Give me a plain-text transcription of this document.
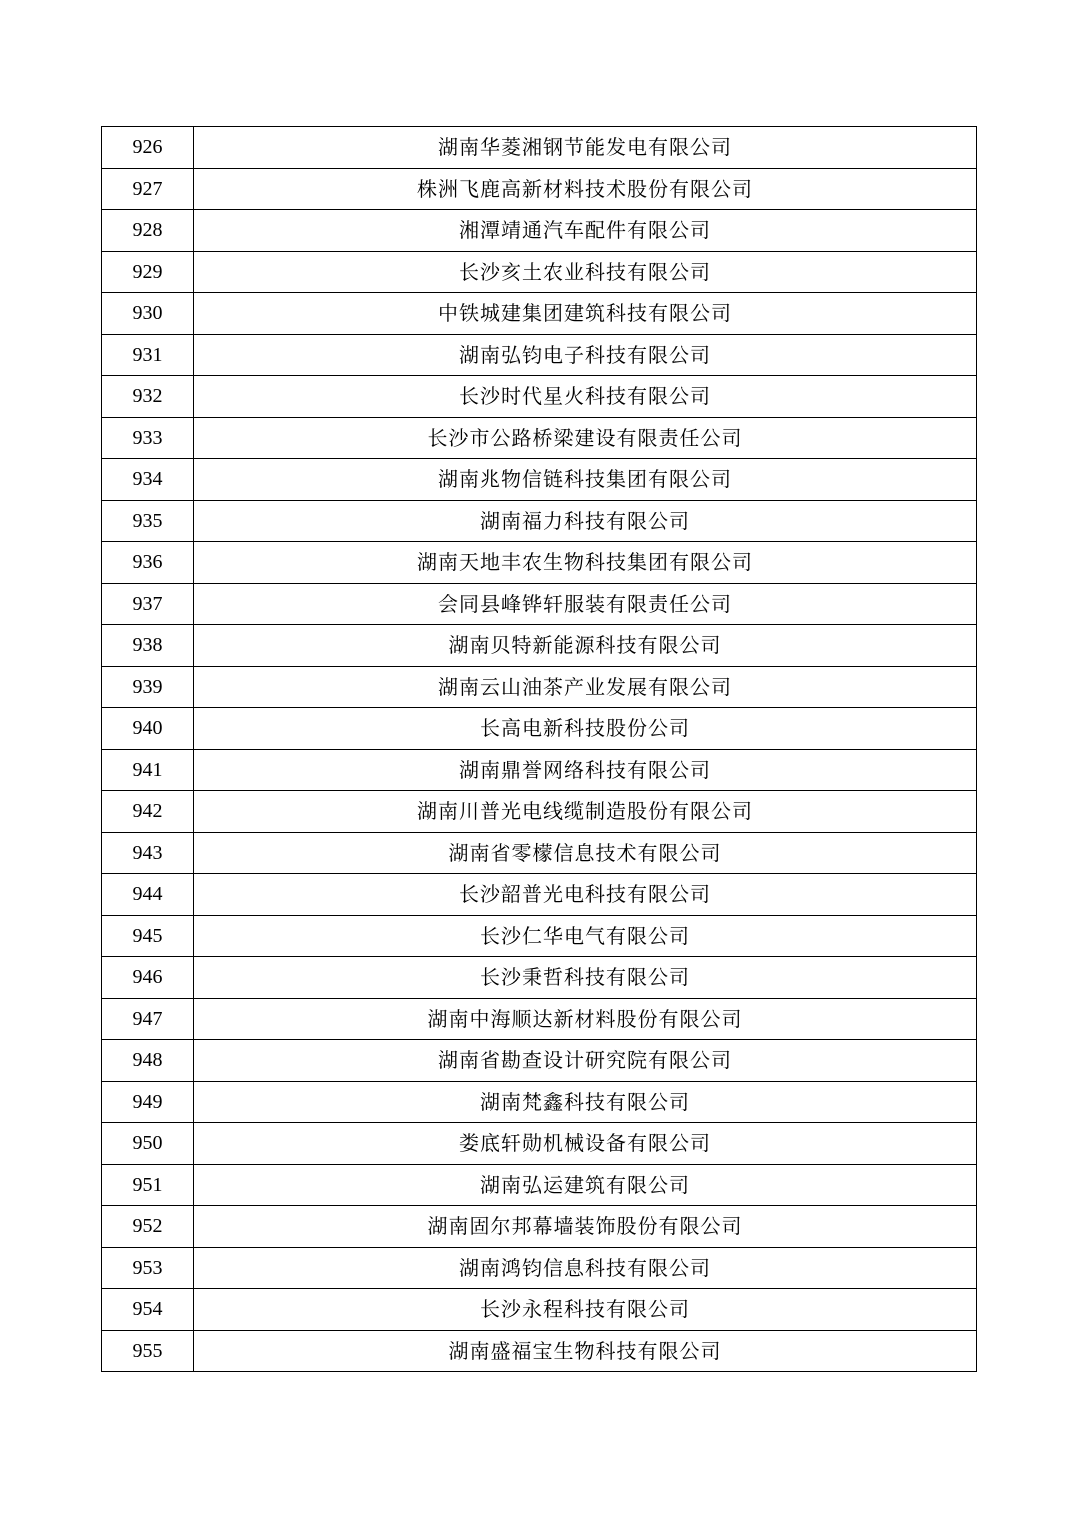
926	湖南华菱湘钢节能发电有限公司
927	株洲飞鹿高新材料技术股份有限公司
928	湘潭靖通汽车配件有限公司
929	长沙亥土农业科技有限公司
930	中铁城建集团建筑科技有限公司
931	湖南弘钧电子科技有限公司
932	长沙时代星火科技有限公司
933	长沙市公路桥梁建设有限责任公司
934	湖南兆物信链科技集团有限公司
935	湖南福力科技有限公司
936	湖南天地丰农生物科技集团有限公司
937	会同县峰铧轩服装有限责任公司
938	湖南贝特新能源科技有限公司
939	湖南云山油茶产业发展有限公司
940	长高电新科技股份公司
941	湖南鼎誉网络科技有限公司
942	湖南川普光电线缆制造股份有限公司
943	湖南省零檬信息技术有限公司
944	长沙韶普光电科技有限公司
945	长沙仁华电气有限公司
946	长沙秉哲科技有限公司
947	湖南中海顺达新材料股份有限公司
948	湖南省勘查设计研究院有限公司
949	湖南梵鑫科技有限公司
950	娄底轩勋机械设备有限公司
951	湖南弘运建筑有限公司
952	湖南固尔邦幕墙装饰股份有限公司
953	湖南鸿钧信息科技有限公司
954	长沙永程科技有限公司
955	湖南盛福宝生物科技有限公司
